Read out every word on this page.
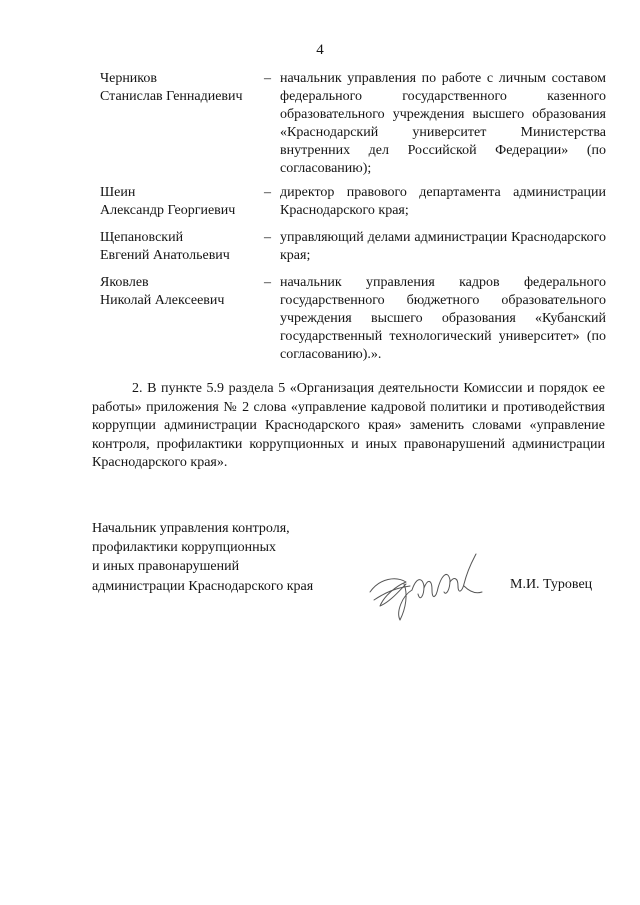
4
Черников
Станислав Геннадиевич
– начальник управления по работе с личным составом федерального государственного казенного образовательного учреждения высшего образования «Краснодарский университет Министерства внутренних дел Российской Федерации» (по согласованию);
Шеин
Александр Георгиевич
– директор правового департамента администрации Краснодарского края;
Щепановский
Евгений Анатольевич
– управляющий делами администрации Краснодарского края;
Яковлев
Николай Алексеевич
– начальник управления кадров федерального государственного бюджетного образовательного учреждения высшего образования «Кубанский государственный технологический университет» (по согласованию).».

2. В пункте 5.9 раздела 5 «Организация деятельности Комиссии и порядок ее работы» приложения № 2 слова «управление кадровой политики и противодействия коррупции администрации Краснодарского края» заменить словами «управление контроля, профилактики коррупционных и иных правонарушений администрации Краснодарского края».

Начальник управления контроля,
профилактики коррупционных
и иных правонарушений
администрации Краснодарского края	М.И. Туровец
